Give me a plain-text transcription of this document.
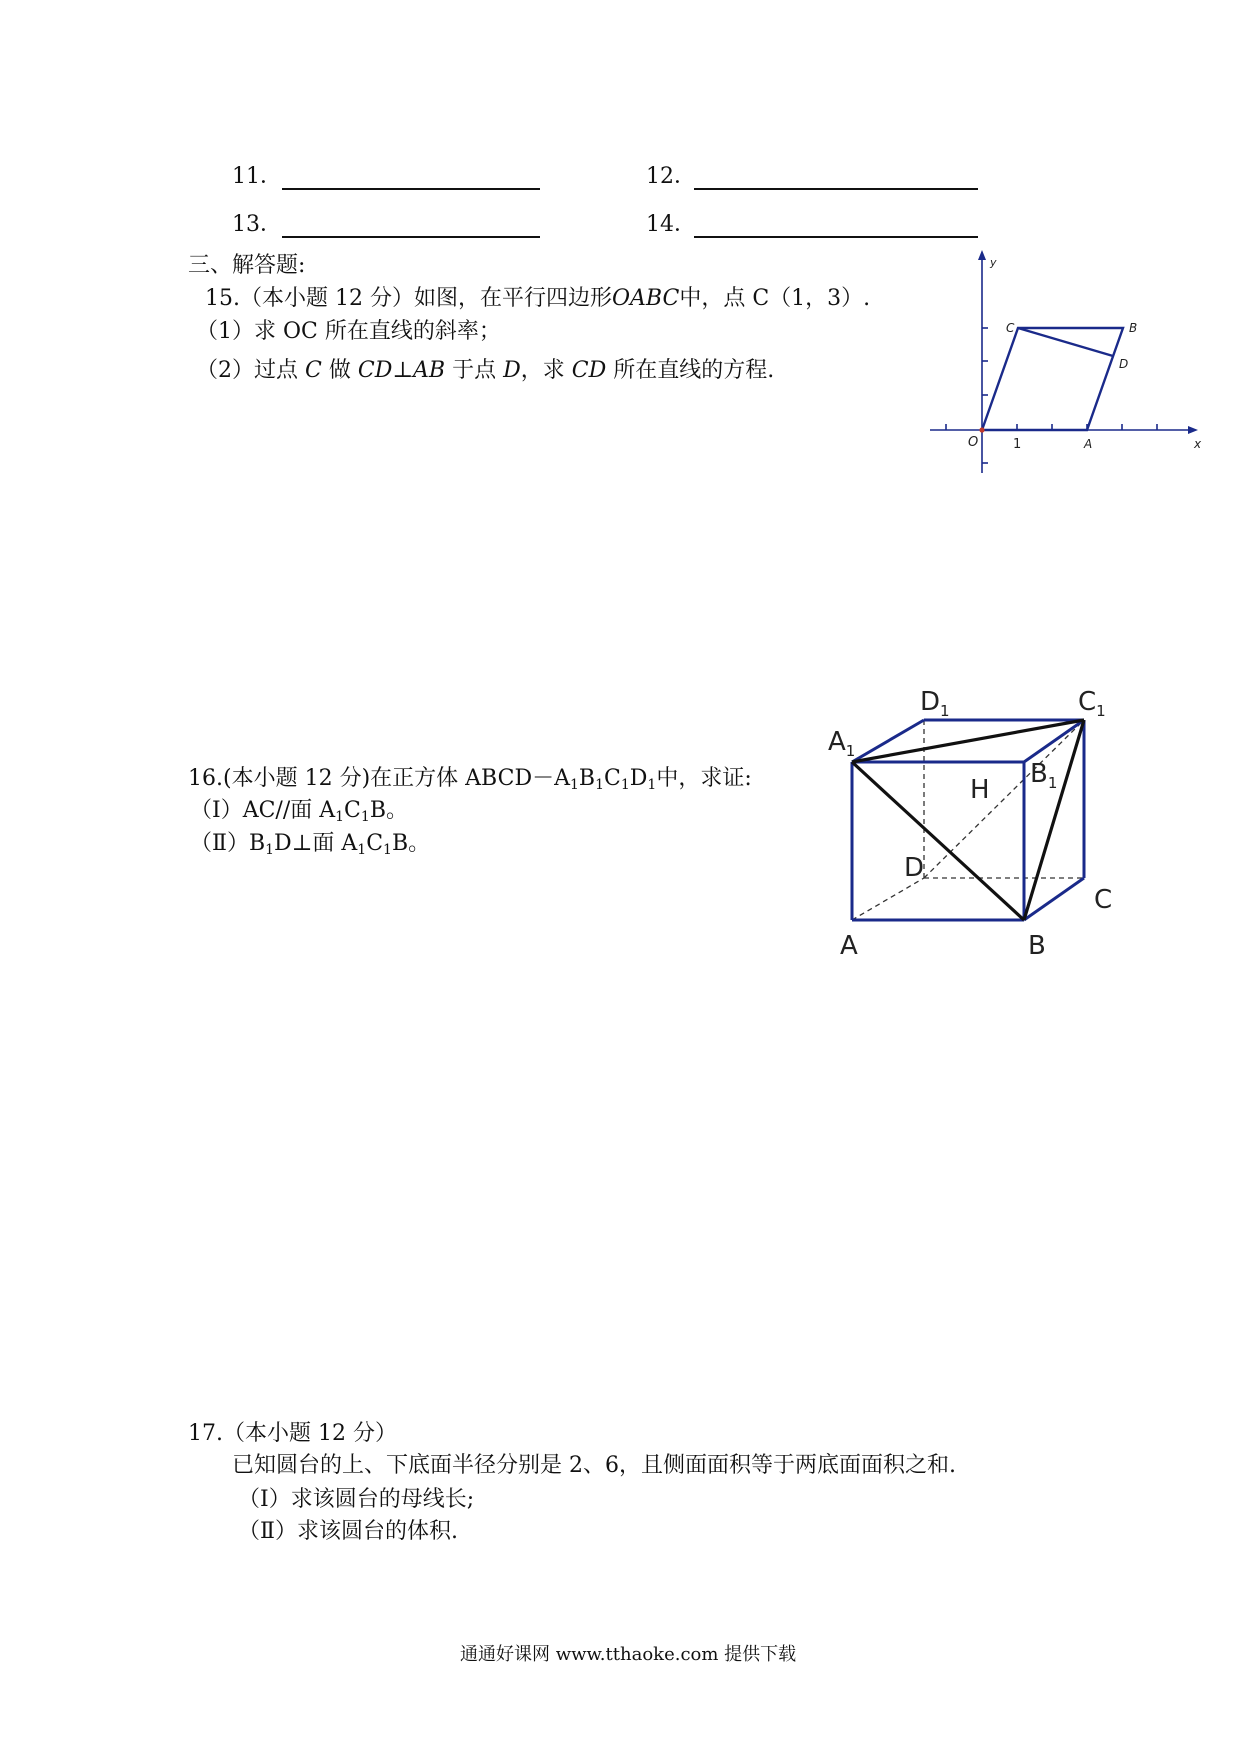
11．	12．
13．	14．
三、解答题:
15.（本小题 12 分）如图，在平行四边形OABC中，点 C（1，3）.
（1）求 OC 所在直线的斜率；
（2）过点 C 做 CD⊥AB 于点 D，求 CD 所在直线的方程.
y
x
O	1	A
C	B
D
16.(本小题 12 分)在正方体 $ABCD-A_1B_1C_1D_1$中，求证:
（Ⅰ）AC//面 $A_1C_1B$。
$(Ⅱ)B_1D\perp$面 $A_1C_1B$。
$D_1$	$C_1$
$A_1$
$B_1$
H
D
C
A	B
17.（本小题 12 分）
已知圆台的上、下底面半径分别是 2、6，且侧面面积等于两底面面积之和.
（Ⅰ）求该圆台的母线长;
（Ⅱ）求该圆台的体积.
通通好课网 www.tthaoke.com 提供下载
